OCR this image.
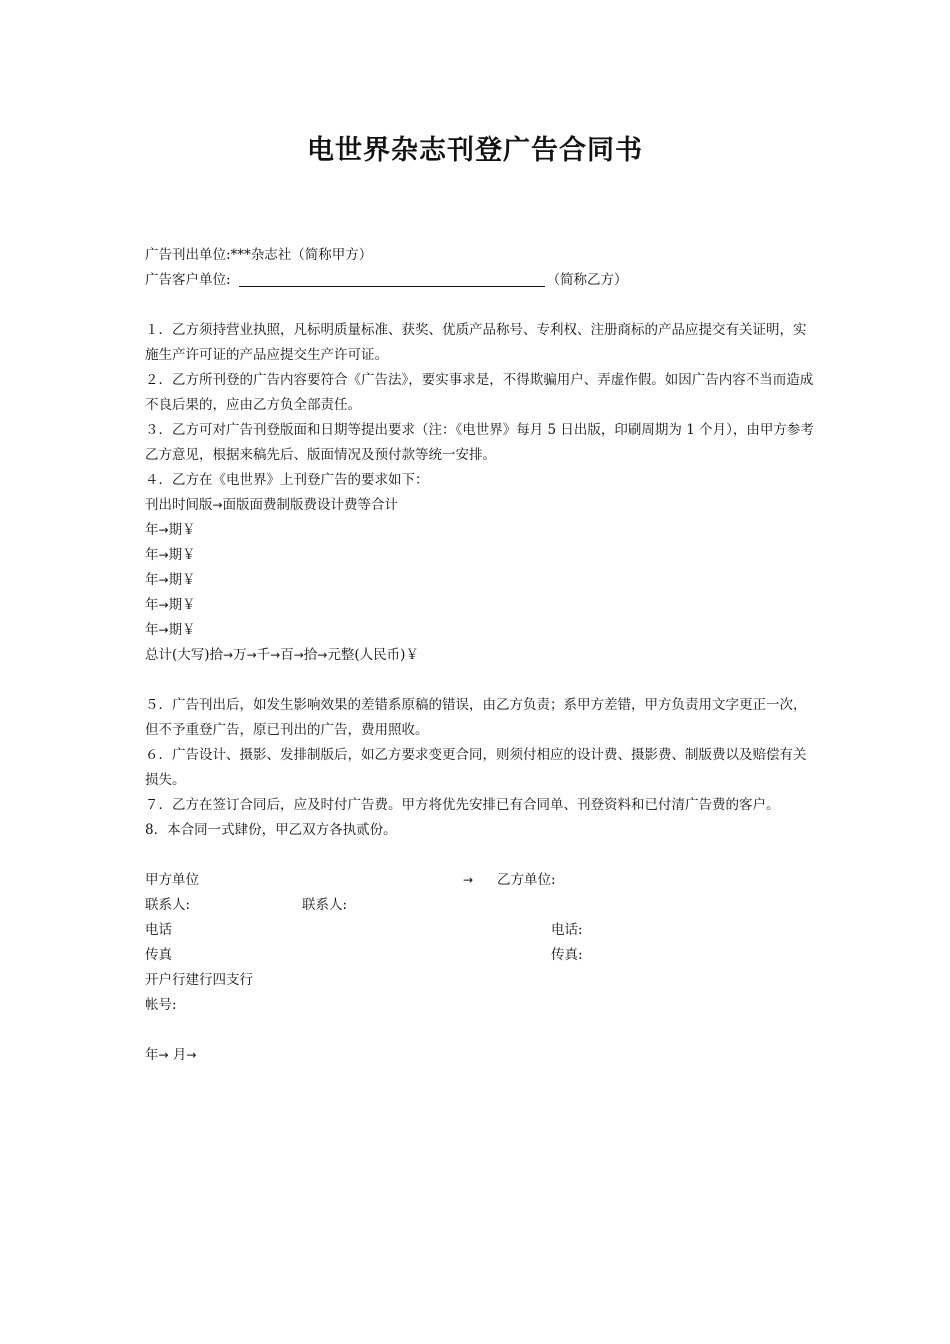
电世界杂志刊登广告合同书
广告刊出单位:***杂志社（简称甲方）
广告客户单位:	（简称乙方）
１．乙方须持营业执照，凡标明质量标准、获奖、优质产品称号、专利权、注册商标的产品应提交有关证明，实施生产许可证的产品应提交生产许可证。
２．乙方所刊登的广告内容要符合《广告法》，要实事求是，不得欺骗用户、弄虚作假。如因广告内容不当而造成不良后果的，应由乙方负全部责任。
３．乙方可对广告刊登版面和日期等提出要求（注：《电世界》每月 5 日出版，印刷周期为 1 个月），由甲方参考乙方意见，根据来稿先后、版面情况及预付款等统一安排。
４．乙方在《电世界》上刊登广告的要求如下：
刊出时间版→面版面费制版费设计费等合计
年→期￥
年→期￥
年→期￥
年→期￥
年→期￥
总计(大写)拾→万→千→百→拾→元整(人民币)￥
５．广告刊出后，如发生影响效果的差错系原稿的错误，由乙方负责；系甲方差错，甲方负责用文字更正一次，但不予重登广告，原已刊出的广告，费用照收。
６．广告设计、摄影、发排制版后，如乙方要求变更合同，则须付相应的设计费、摄影费、制版费以及赔偿有关损失。
７．乙方在签订合同后，应及时付广告费。甲方将优先安排已有合同单、刊登资料和已付清广告费的客户。
8．本合同一式肆份，甲乙双方各执贰份。
甲方单位	→ 乙方单位:
联系人:	联系人:
电话	电话:
传真	传真:
开户行建行四支行
帐号:
年→ 月→
